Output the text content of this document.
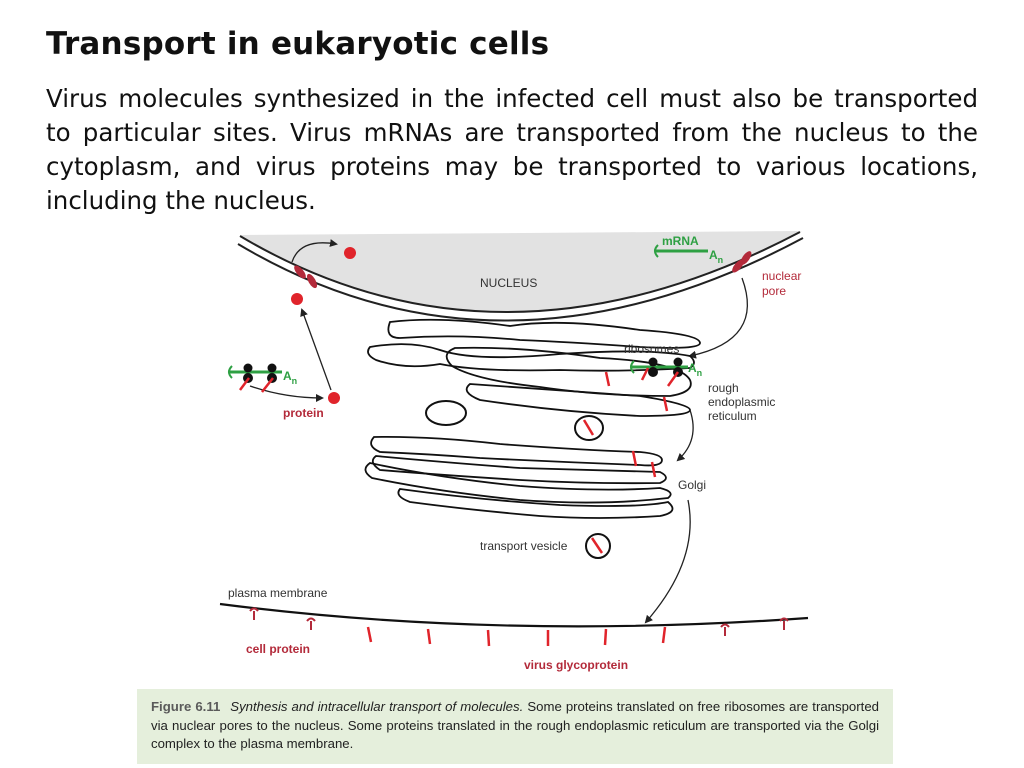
Transport in eukaryotic cells

Virus molecules synthesized in the infected cell must also be transported to particular sites. Virus mRNAs are transported from the nucleus to the cytoplasm, and virus proteins may be transported to various locations, including the nucleus.

$A_n$
protein
mRNA
$A_n$
NUCLEUS	nuclear
pore
ribosomes
$A_n$
rough
endoplasmic
reticulum
Golgi
transport vesicle
plasma membrane
cell protein
virus glycoprotein
Figure 6.11 Synthesis and intracellular transport of molecules. Some proteins translated on free ribosomes are transported via nuclear pores to the nucleus. Some proteins translated in the rough endoplasmic reticulum are transported via the Golgi complex to the plasma membrane.
